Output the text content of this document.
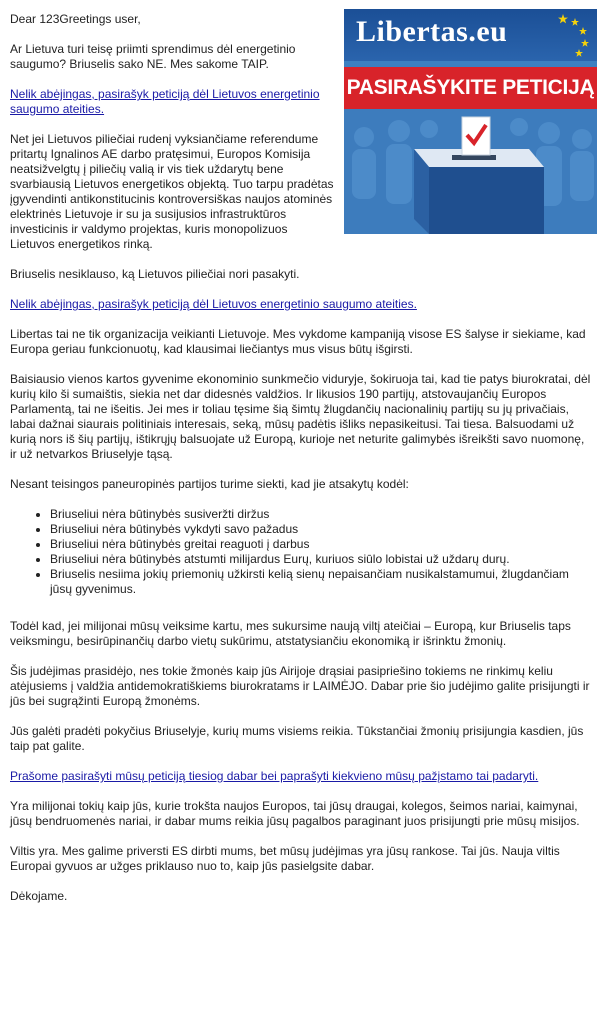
Libertas.eu
PASIRAŠYKITE PETICIJĄ

Dear 123Greetings user,

Ar Lietuva turi teisę priimti sprendimus dėl energetinio saugumo? Briuselis sako NE. Mes sakome TAIP.

Nelik abėjingas, pasirašyk peticiją dėl Lietuvos energetinio saugumo ateities.

Net jei Lietuvos piliečiai rudenį vyksiančiame referendume pritartų Ignalinos AE darbo pratęsimui, Europos Komisija neatsižvelgtų į piliečių valią ir vis tiek uždarytų bene svarbiausią Lietuvos energetikos objektą. Tuo tarpu pradėtas įgyvendinti antikonstitucinis kontroversiškas naujos atominės elektrinės Lietuvoje ir su ja susijusios infrastruktūros investicinis ir valdymo projektas, kuris monopolizuos Lietuvos energetikos rinką.

Briuselis nesiklauso, ką Lietuvos piliečiai nori pasakyti.

Nelik abėjingas, pasirašyk peticiją dėl Lietuvos energetinio saugumo ateities.

Libertas tai ne tik organizacija veikianti Lietuvoje. Mes vykdome kampaniją visose ES šalyse ir siekiame, kad Europa geriau funkcionuotų, kad klausimai liečiantys mus visus būtų išgirsti.

Baisiausio vienos kartos gyvenime ekonominio sunkmečio viduryje, šokiruoja tai, kad tie patys biurokratai, dėl kurių kilo ši sumaištis, siekia net dar didesnės valdžios. Ir likusios 190 partijų, atstovaujančių Europos Parlamentą, tai ne išeitis. Jei mes ir toliau tęsime šią šimtų žlugdančių nacionalinių partijų su jų privačiais, labai dažnai siaurais politiniais interesais, seką, mūsų padėtis išliks nepasikeitusi. Tai tiesa. Balsuodami už kurią nors iš šių partijų, ištikrųjų balsuojate už Europą, kurioje net neturite galimybės išreikšti savo nuomonę, ir už netvarkos Briuselyje tąsą.

Nesant teisingos paneuropinės partijos turime siekti, kad jie atsakytų kodėl:

• Briuseliui nėra būtinybės susiveržti diržus
• Briuseliui nėra būtinybės vykdyti savo pažadus
• Briuseliui nėra būtinybės greitai reaguoti į darbus
• Briuseliui nėra būtinybės atstumti milijardus Eurų, kuriuos siūlo lobistai už uždarų durų.
• Briuselis nesiima jokių priemonių užkirsti kelią sienų nepaisančiam nusikalstamumui, žlugdančiam jūsų gyvenimus.

Todėl kad, jei milijonai mūsų veiksime kartu, mes sukursime naują viltį ateičiai – Europą, kur Briuselis taps veiksmingu, besirūpinančių darbo vietų sukūrimu, atstatysiančiu ekonomiką ir išrinktu žmonių.

Šis judėjimas prasidėjo, nes tokie žmonės kaip jūs Airijoje drąsiai pasipriešino tokiems ne rinkimų keliu atėjusiems į valdžia antidemokratiškiems biurokratams ir LAIMĖJO. Dabar prie šio judėjimo galite prisijungti ir jūs bei sugrąžinti Europą žmonėms.

Jūs galėti pradėti pokyčius Briuselyje, kurių mums visiems reikia. Tūkstančiai žmonių prisijungia kasdien, jūs taip pat galite.

Prašome pasirašyti mūsų peticiją tiesiog dabar bei paprašyti kiekvieno mūsų pažįstamo tai padaryti.

Yra milijonai tokių kaip jūs, kurie trokšta naujos Europos, tai jūsų draugai, kolegos, šeimos nariai, kaimynai, jūsų bendruomenės nariai, ir dabar mums reikia jūsų pagalbos paraginant juos prisijungti prie mūsų misijos.

Viltis yra. Mes galime priversti ES dirbti mums, bet mūsų judėjimas yra jūsų rankose. Tai jūs. Nauja viltis Europai gyvuos ar užges priklauso nuo to, kaip jūs pasielgsite dabar.

Dėkojame.
